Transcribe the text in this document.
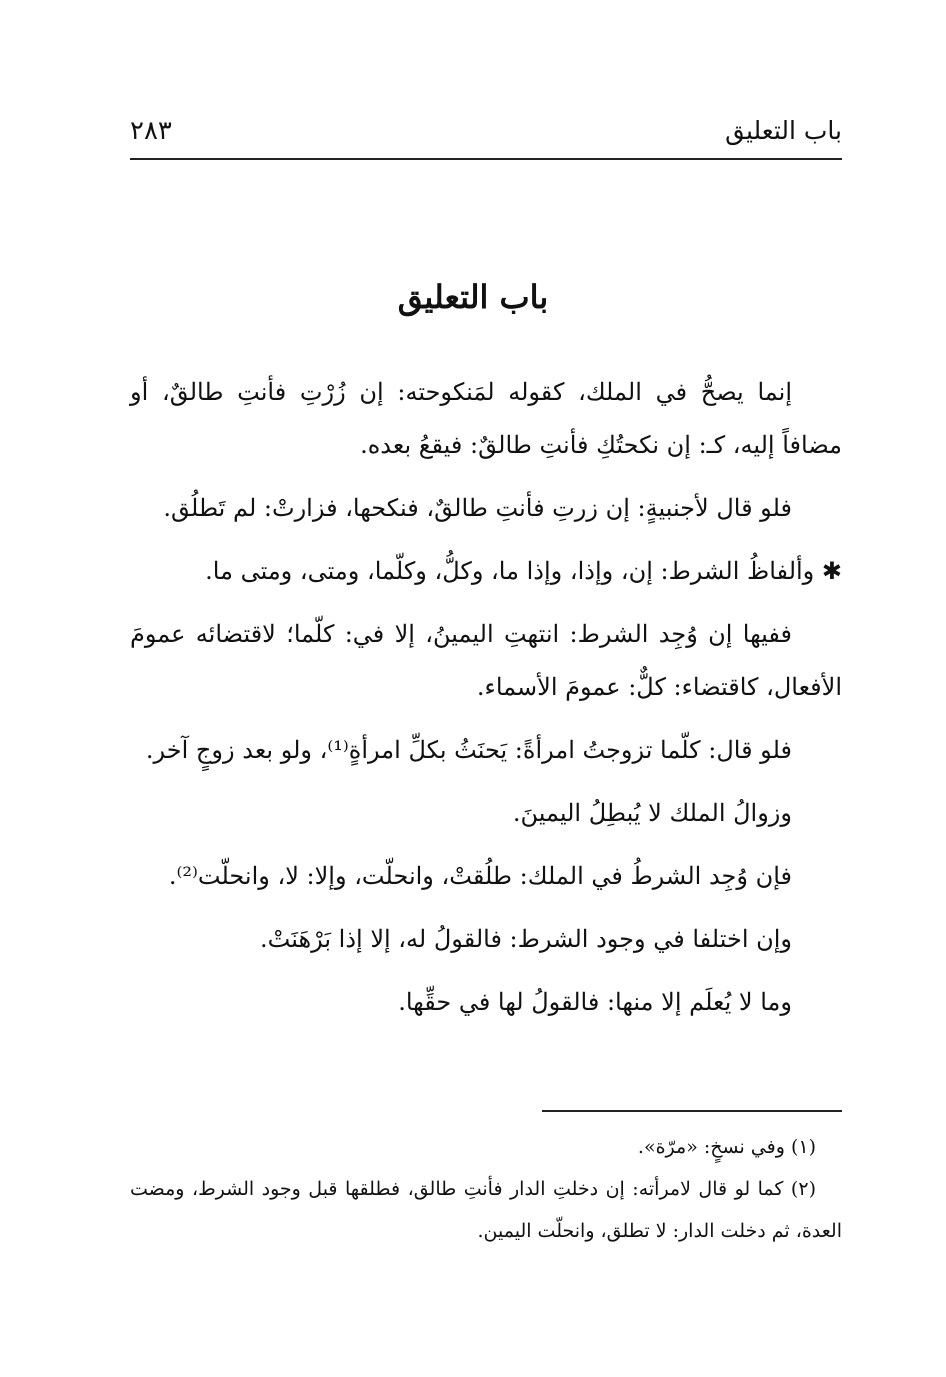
باب التعليق
٢٨٣
باب التعليق

إنما يصحُّ في الملك، كقوله لمَنكوحته: إن زُرْتِ فأنتِ طالقٌ، أو مضافاً إليه، كـ: إن نكحتُكِ فأنتِ طالقٌ: فيقعُ بعده.

فلو قال لأجنبيةٍ: إن زرتِ فأنتِ طالقٌ، فنكحها، فزارتْ: لم تَطلُق.

✱ وألفاظُ الشرط: إن، وإذا، وإذا ما، وكلُّ، وكلّما، ومتى، ومتى ما.

ففيها إن وُجِد الشرط: انتهتِ اليمينُ، إلا في: كلّما؛ لاقتضائه عمومَ الأفعال، كاقتضاء: كلٌّ: عمومَ الأسماء.

فلو قال: كلّما تزوجتُ امرأةً: يَحنَثُ بكلِّ امرأةٍ⁽¹⁾، ولو بعد زوجٍ آخر.

وزوالُ الملك لا يُبطِلُ اليمينَ.

فإن وُجِد الشرطُ في الملك: طلُقتْ، وانحلّت، وإلا: لا، وانحلّت⁽²⁾.

وإن اختلفا في وجود الشرط: فالقولُ له، إلا إذا بَرْهَنَتْ.

وما لا يُعلَم إلا منها: فالقولُ لها في حقِّها.

(١) وفي نسخٍ: «مرّة».

(٢) كما لو قال لامرأته: إن دخلتِ الدار فأنتِ طالق، فطلقها قبل وجود الشرط، ومضت العدة، ثم دخلت الدار: لا تطلق، وانحلّت اليمين.
